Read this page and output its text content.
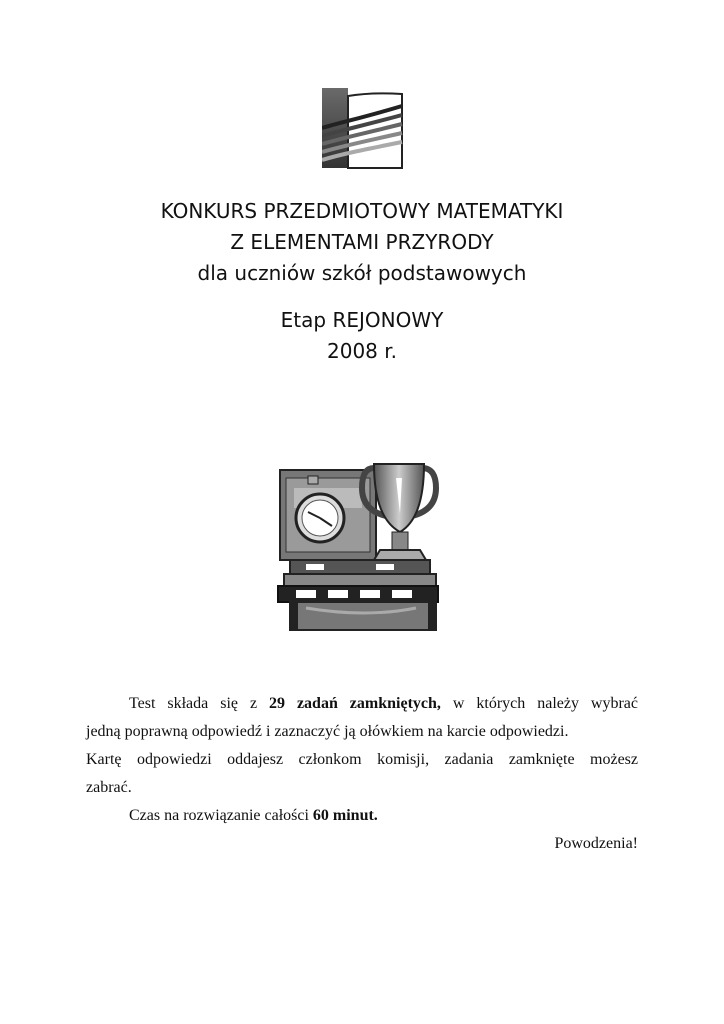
KONKURS PRZEDMIOTOWY MATEMATYKI
Z ELEMENTAMI PRZYRODY
dla uczniów szkół podstawowych
Etap REJONOWY
2008 r.

Test składa się z 29 zadań zamkniętych, w których należy wybrać

jedną poprawną odpowiedź i zaznaczyć ją ołówkiem na karcie odpowiedzi.

Kartę odpowiedzi oddajesz członkom komisji, zadania zamknięte możesz

zabrać.

Czas na rozwiązanie całości 60 minut.

Powodzenia!
